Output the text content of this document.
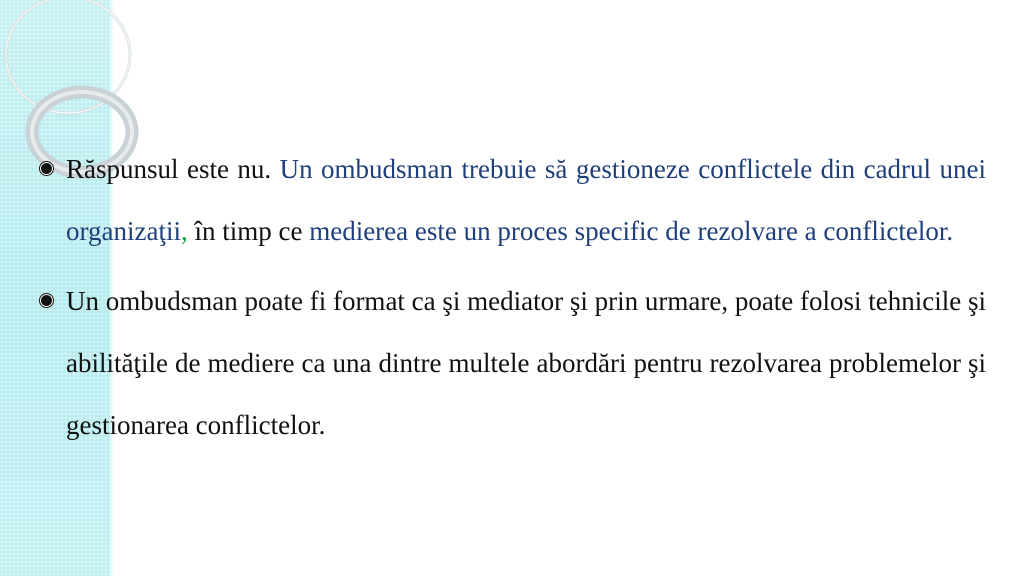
Răspunsul este nu. Un ombudsman trebuie să gestioneze conflictele din cadrul unei organizaţii, în timp ce medierea este un proces specific de rezolvare a conflictelor.
Un ombudsman poate fi format ca şi mediator şi prin urmare, poate folosi tehnicile şi abilităţile de mediere ca una dintre multele abordări pentru rezolvarea problemelor şi gestionarea conflictelor.
